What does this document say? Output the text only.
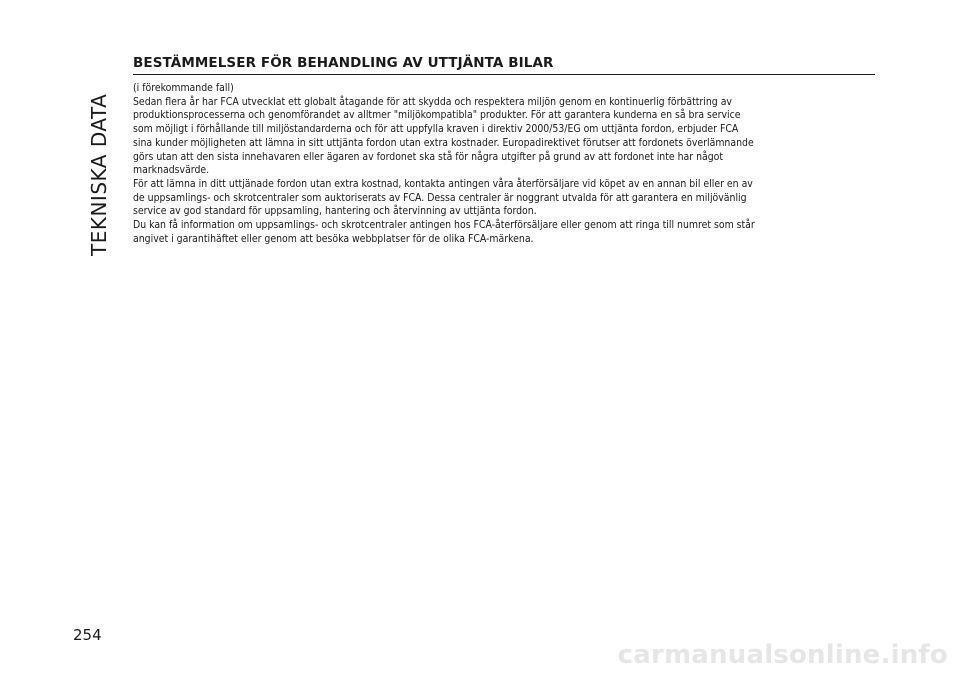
TEKNISKA DATA
BESTÄMMELSER FÖR BEHANDLING AV UTTJÄNTA BILAR

(i förekommande fall)

Sedan flera år har FCA utvecklat ett globalt åtagande för att skydda och respektera miljön genom en kontinuerlig förbättring av
produktionsprocesserna och genomförandet av alltmer "miljökompatibla" produkter. För att garantera kunderna en så bra service
som möjligt i förhållande till miljöstandarderna och för att uppfylla kraven i direktiv 2000/53/EG om uttjänta fordon, erbjuder FCA
sina kunder möjligheten att lämna in sitt uttjänta fordon utan extra kostnader. Europadirektivet förutser att fordonets överlämnande
görs utan att den sista innehavaren eller ägaren av fordonet ska stå för några utgifter på grund av att fordonet inte har något
marknadsvärde.

För att lämna in ditt uttjänade fordon utan extra kostnad, kontakta antingen våra återförsäljare vid köpet av en annan bil eller en av
de uppsamlings- och skrotcentraler som auktoriserats av FCA. Dessa centraler är noggrant utvalda för att garantera en miljövänlig
service av god standard för uppsamling, hantering och återvinning av uttjänta fordon.

Du kan få information om uppsamlings- och skrotcentraler antingen hos FCA-återförsäljare eller genom att ringa till numret som står
angivet i garantihäftet eller genom att besöka webbplatser för de olika FCA-märkena.

254
carmanualsonline.info
